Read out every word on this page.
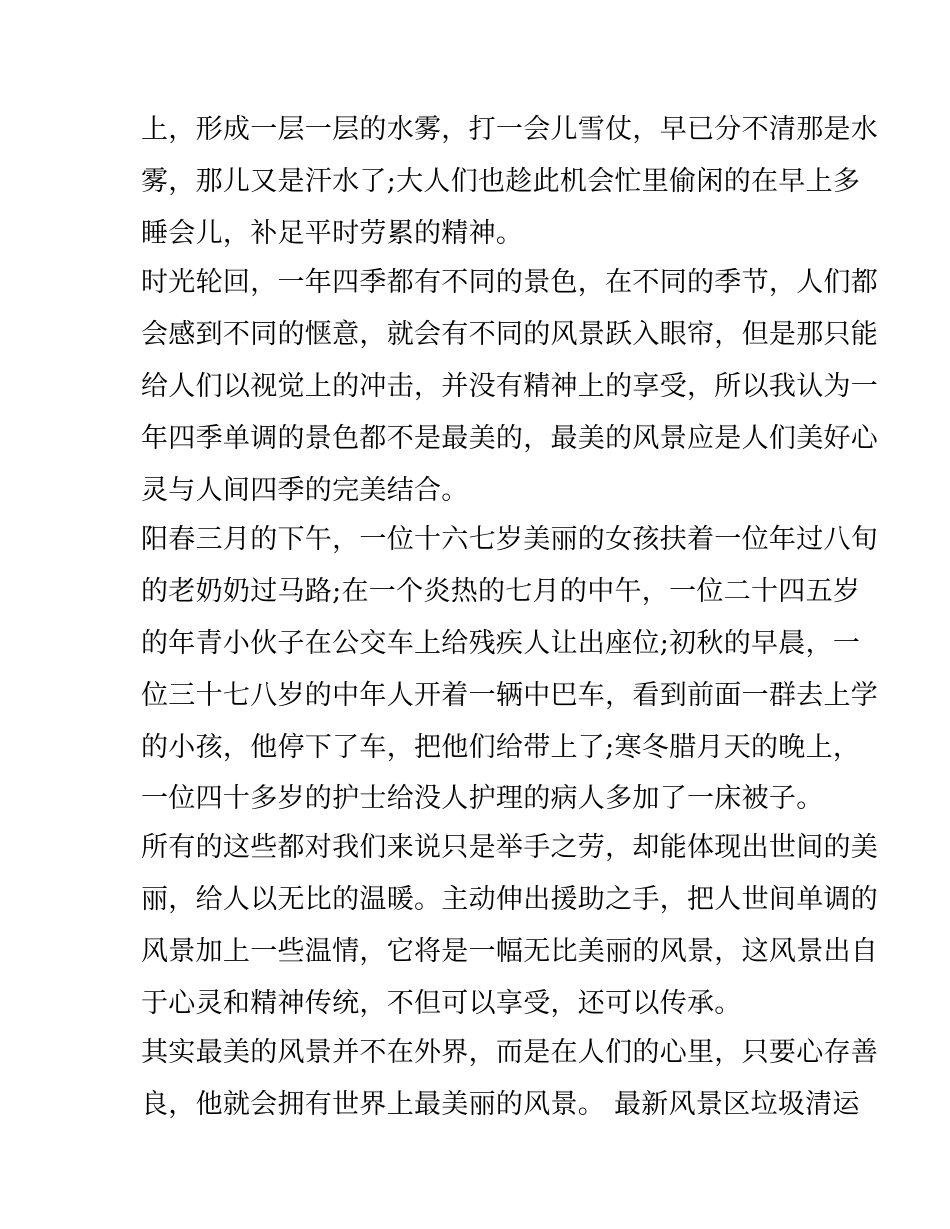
上，形成一层一层的水雾，打一会儿雪仗，早已分不清那是水
雾，那儿又是汗水了;大人们也趁此机会忙里偷闲的在早上多
睡会儿，补足平时劳累的精神。
时光轮回，一年四季都有不同的景色，在不同的季节，人们都
会感到不同的惬意，就会有不同的风景跃入眼帘，但是那只能
给人们以视觉上的冲击，并没有精神上的享受，所以我认为一
年四季单调的景色都不是最美的，最美的风景应是人们美好心
灵与人间四季的完美结合。
阳春三月的下午，一位十六七岁美丽的女孩扶着一位年过八旬
的老奶奶过马路;在一个炎热的七月的中午，一位二十四五岁
的年青小伙子在公交车上给残疾人让出座位;初秋的早晨，一
位三十七八岁的中年人开着一辆中巴车，看到前面一群去上学
的小孩，他停下了车，把他们给带上了;寒冬腊月天的晚上，
一位四十多岁的护士给没人护理的病人多加了一床被子。
所有的这些都对我们来说只是举手之劳，却能体现出世间的美
丽，给人以无比的温暖。主动伸出援助之手，把人世间单调的
风景加上一些温情，它将是一幅无比美丽的风景，这风景出自
于心灵和精神传统，不但可以享受，还可以传承。
其实最美的风景并不在外界，而是在人们的心里，只要心存善
良，他就会拥有世界上最美丽的风景。 最新风景区垃圾清运
